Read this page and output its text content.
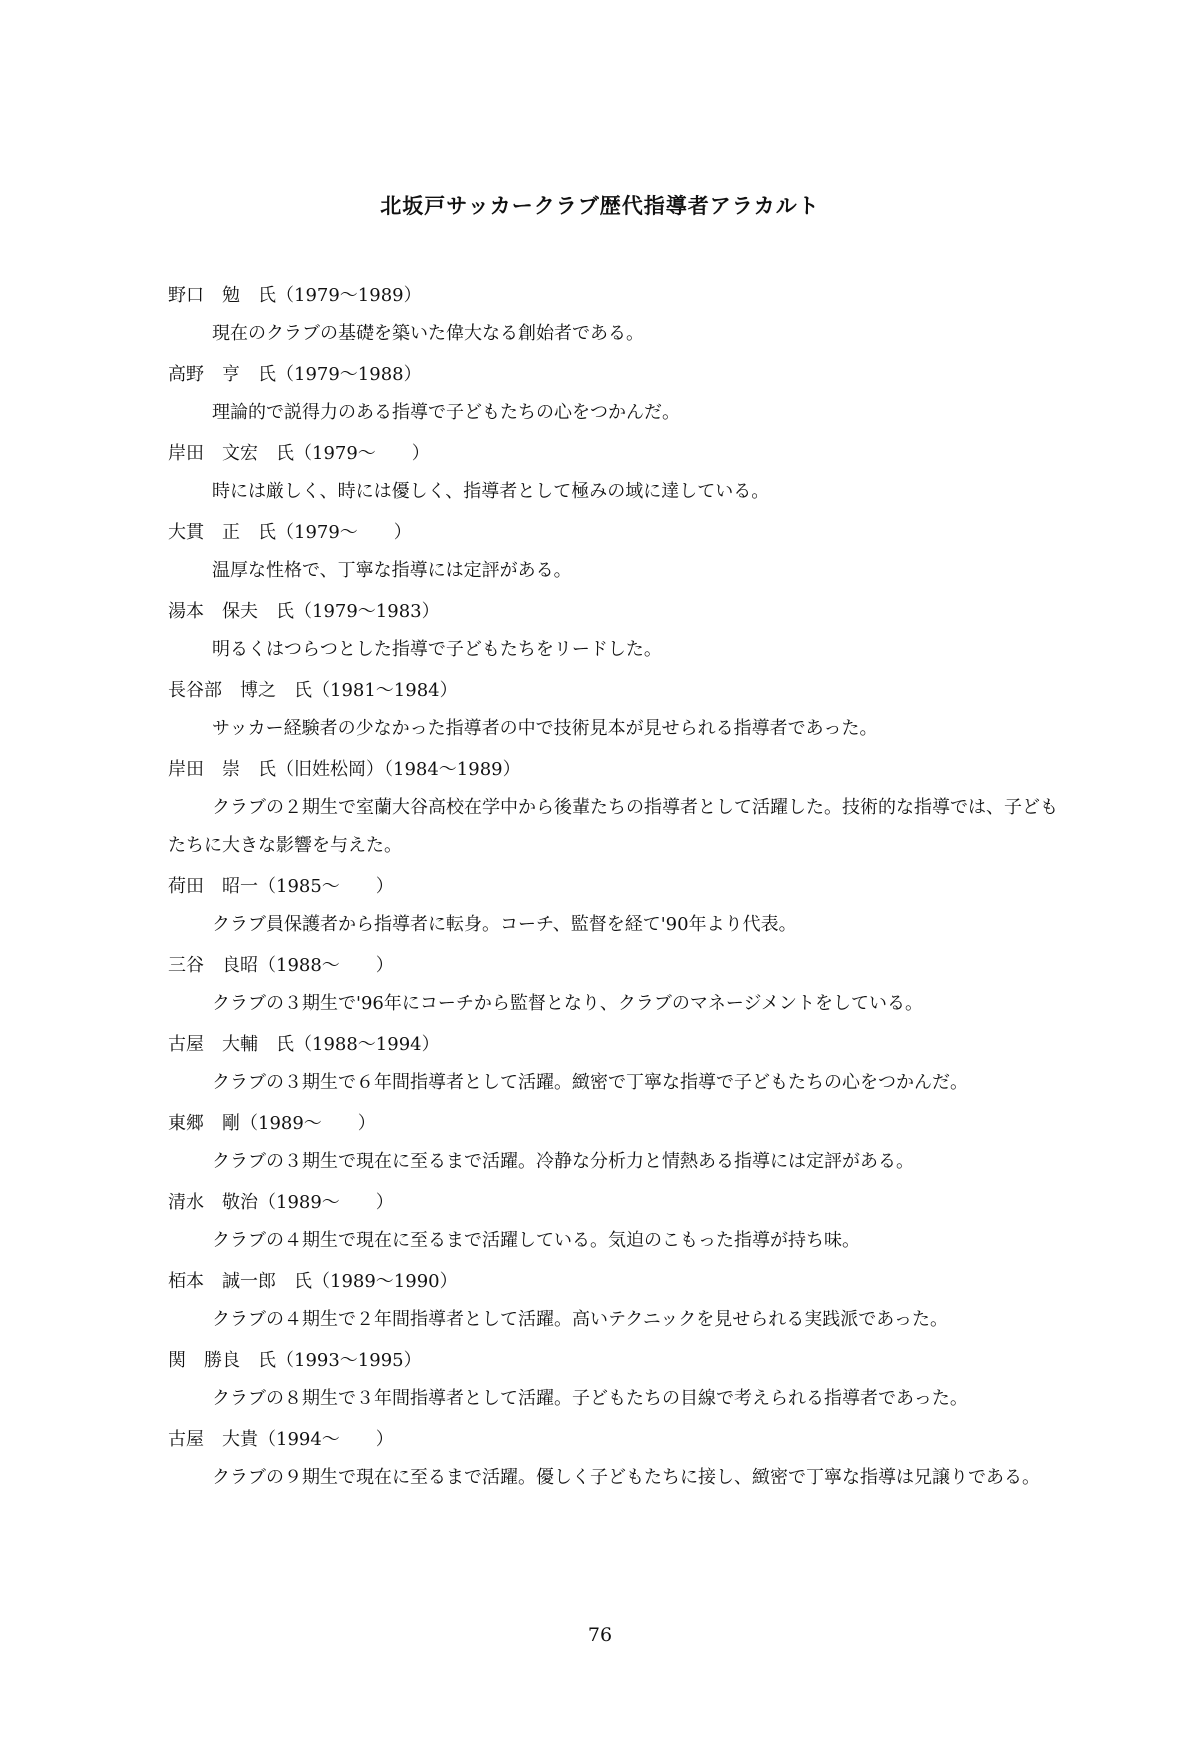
北坂戸サッカークラブ歴代指導者アラカルト
野口　勉　氏（1979～1989）
現在のクラブの基礎を築いた偉大なる創始者である。
高野　亨　氏（1979～1988）
理論的で説得力のある指導で子どもたちの心をつかんだ。
岸田　文宏　氏（1979～　　）
時には厳しく、時には優しく、指導者として極みの域に達している。
大貫　正　氏（1979～　　）
温厚な性格で、丁寧な指導には定評がある。
湯本　保夫　氏（1979～1983）
明るくはつらつとした指導で子どもたちをリードした。
長谷部　博之　氏（1981～1984）
サッカー経験者の少なかった指導者の中で技術見本が見せられる指導者であった。
岸田　崇　氏（旧姓松岡）（1984～1989）
クラブの２期生で室蘭大谷高校在学中から後輩たちの指導者として活躍した。技術的な指導では、子どもたちに大きな影響を与えた。
荷田　昭一（1985～　　）
クラブ員保護者から指導者に転身。コーチ、監督を経て'90年より代表。
三谷　良昭（1988～　　）
クラブの３期生で'96年にコーチから監督となり、クラブのマネージメントをしている。
古屋　大輔　氏（1988～1994）
クラブの３期生で６年間指導者として活躍。緻密で丁寧な指導で子どもたちの心をつかんだ。
東郷　剛（1989～　　）
クラブの３期生で現在に至るまで活躍。冷静な分析力と情熱ある指導には定評がある。
清水　敬治（1989～　　）
クラブの４期生で現在に至るまで活躍している。気迫のこもった指導が持ち味。
栢本　誠一郎　氏（1989～1990）
クラブの４期生で２年間指導者として活躍。高いテクニックを見せられる実践派であった。
関　勝良　氏（1993～1995）
クラブの８期生で３年間指導者として活躍。子どもたちの目線で考えられる指導者であった。
古屋　大貴（1994～　　）
クラブの９期生で現在に至るまで活躍。優しく子どもたちに接し、緻密で丁寧な指導は兄譲りである。
76
